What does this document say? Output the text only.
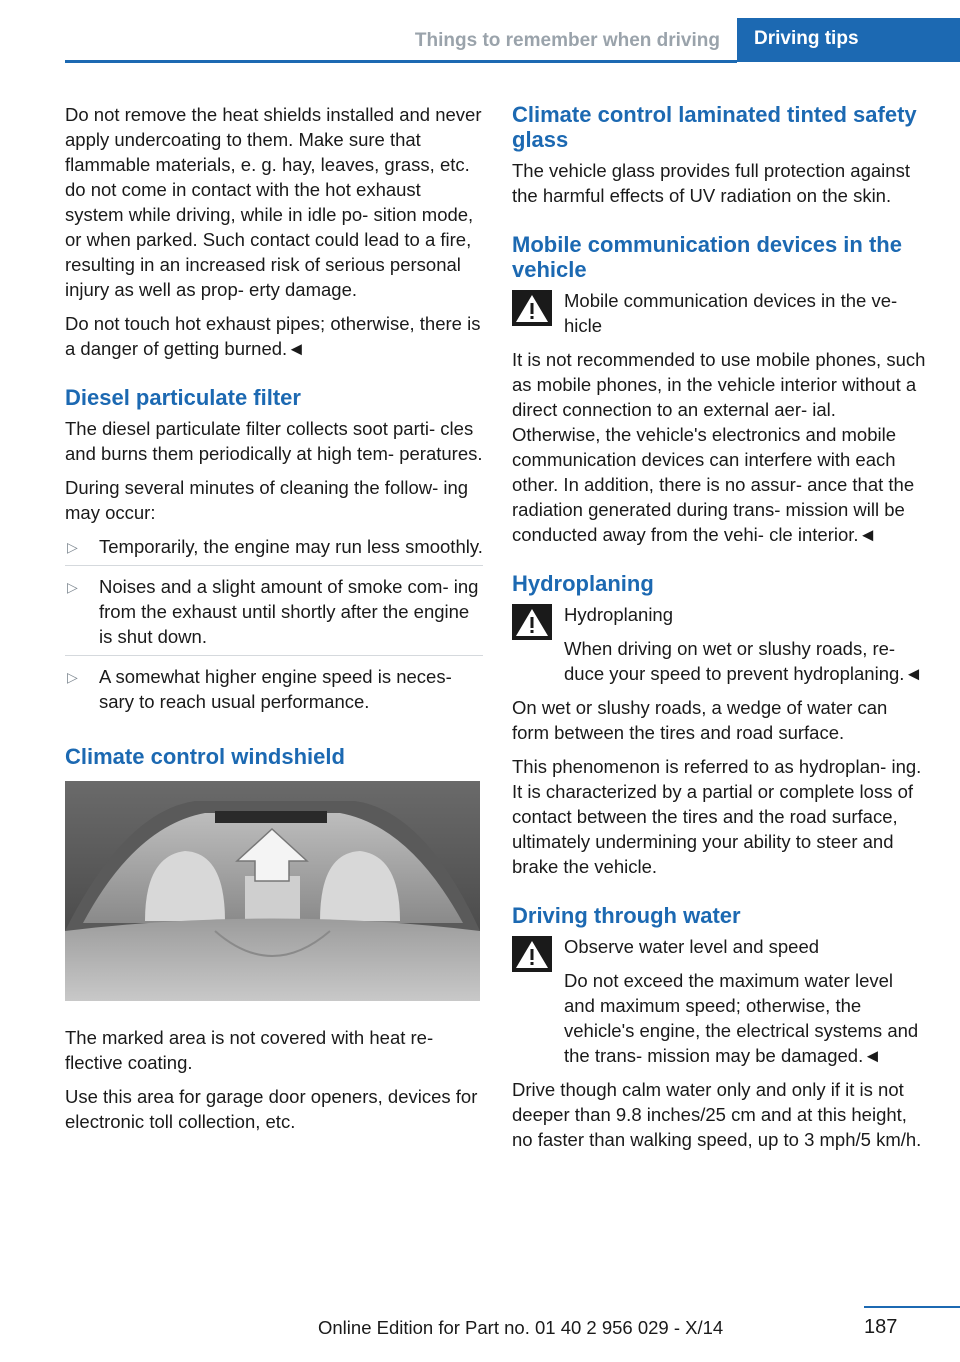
Things to remember when driving	Driving tips

Do not remove the heat shields installed and never apply undercoating to them. Make sure that flammable materials, e. g. hay, leaves, grass, etc. do not come in contact with the hot exhaust system while driving, while in idle po- sition mode, or when parked. Such contact could lead to a fire, resulting in an increased risk of serious personal injury as well as prop- erty damage.

Do not touch hot exhaust pipes; otherwise, there is a danger of getting burned.◄

Diesel particulate filter

The diesel particulate filter collects soot parti- cles and burns them periodically at high tem- peratures.

During several minutes of cleaning the follow- ing may occur:

▷ Temporarily, the engine may run less smoothly.
▷ Noises and a slight amount of smoke com- ing from the exhaust until shortly after the engine is shut down.
▷ A somewhat higher engine speed is neces- sary to reach usual performance.
Climate control windshield

The marked area is not covered with heat re- flective coating.

Use this area for garage door openers, devices for electronic toll collection, etc.

Climate control laminated tinted safety glass

The vehicle glass provides full protection against the harmful effects of UV radiation on the skin.

Mobile communication devices in the vehicle

Mobile communication devices in the ve- hicle

It is not recommended to use mobile phones, such as mobile phones, in the vehicle interior without a direct connection to an external aer- ial. Otherwise, the vehicle's electronics and mobile communication devices can interfere with each other. In addition, there is no assur- ance that the radiation generated during trans- mission will be conducted away from the vehi- cle interior.◄

Hydroplaning

Hydroplaning

When driving on wet or slushy roads, re- duce your speed to prevent hydroplaning.◄

On wet or slushy roads, a wedge of water can form between the tires and road surface.

This phenomenon is referred to as hydroplan- ing. It is characterized by a partial or complete loss of contact between the tires and the road surface, ultimately undermining your ability to steer and brake the vehicle.

Driving through water

Observe water level and speed

Do not exceed the maximum water level and maximum speed; otherwise, the vehicle's engine, the electrical systems and the trans- mission may be damaged.◄

Drive though calm water only and only if it is not deeper than 9.8 inches/25 cm and at this height, no faster than walking speed, up to 3 mph/5 km/h.

187
Online Edition for Part no. 01 40 2 956 029 - X/14
